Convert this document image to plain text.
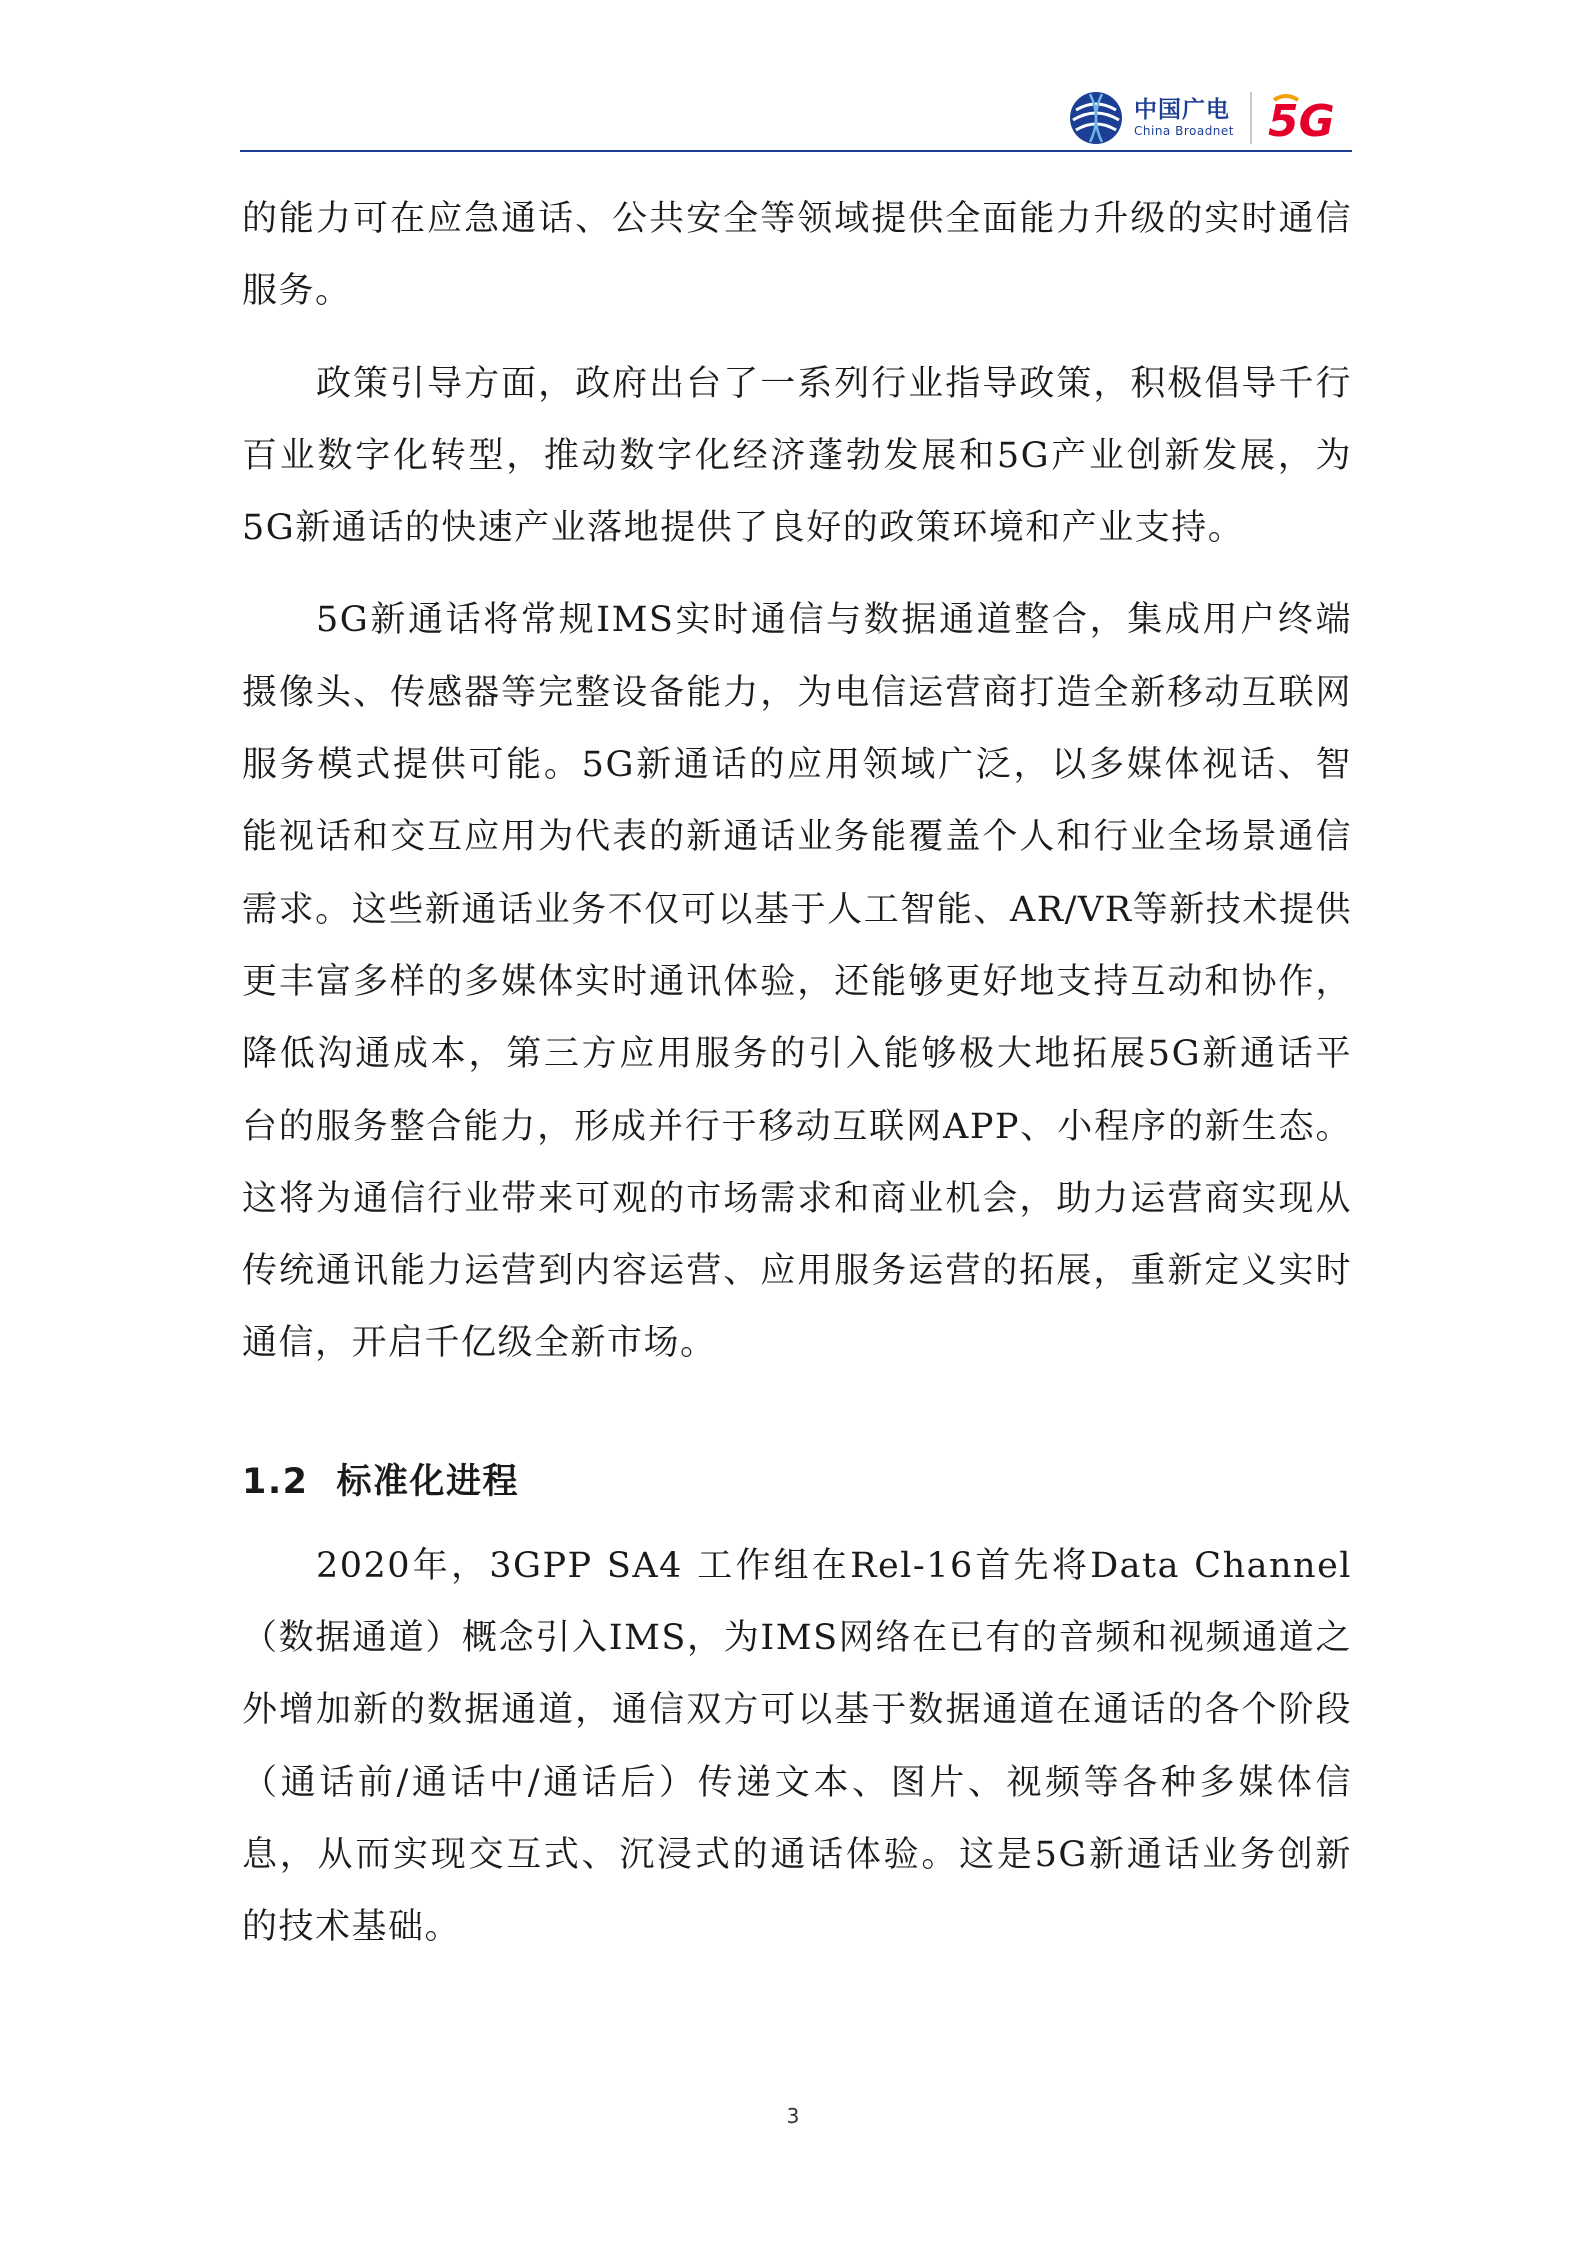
中国广电
China Broadnet 5G

的能力可在应急通话、公共安全等领域提供全面能力升级的实时通信服务。

政策引导方面，政府出台了一系列行业指导政策，积极倡导千行百业数字化转型，推动数字化经济蓬勃发展和5G产业创新发展，为5G新通话的快速产业落地提供了良好的政策环境和产业支持。

5G新通话将常规IMS实时通信与数据通道整合，集成用户终端摄像头、传感器等完整设备能力，为电信运营商打造全新移动互联网服务模式提供可能。5G新通话的应用领域广泛，以多媒体视话、智能视话和交互应用为代表的新通话业务能覆盖个人和行业全场景通信需求。这些新通话业务不仅可以基于人工智能、AR/VR等新技术提供更丰富多样的多媒体实时通讯体验，还能够更好地支持互动和协作，降低沟通成本，第三方应用服务的引入能够极大地拓展5G新通话平台的服务整合能力，形成并行于移动互联网APP、小程序的新生态。这将为通信行业带来可观的市场需求和商业机会，助力运营商实现从传统通讯能力运营到内容运营、应用服务运营的拓展，重新定义实时通信，开启千亿级全新市场。

1.2 标准化进程

2020年，3GPP SA4 工作组在Rel-16首先将Data Channel（数据通道）概念引入IMS，为IMS网络在已有的音频和视频通道之外增加新的数据通道，通信双方可以基于数据通道在通话的各个阶段（通话前/通话中/通话后）传递文本、图片、视频等各种多媒体信息，从而实现交互式、沉浸式的通话体验。这是5G新通话业务创新的技术基础。

3
